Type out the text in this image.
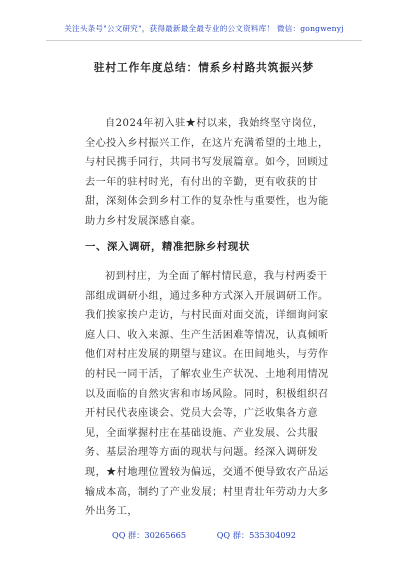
关注头条号"公文研究"，获得最新最全最专业的公文资料库！ 微信：gongwenyj
驻村工作年度总结：情系乡村路共筑振兴梦

自2024年初入驻★村以来，我始终坚守岗位，全心投入乡村振兴工作，在这片充满希望的土地上，与村民携手同行，共同书写发展篇章。如今，回顾过去一年的驻村时光，有付出的辛勤，更有收获的甘甜，深刻体会到乡村工作的复杂性与重要性，也为能助力乡村发展深感自豪。

一、深入调研，精准把脉乡村现状

初到村庄，为全面了解村情民意，我与村两委干部组成调研小组，通过多种方式深入开展调研工作。我们挨家挨户走访，与村民面对面交流，详细询问家庭人口、收入来源、生产生活困难等情况，认真倾听他们对村庄发展的期望与建议。在田间地头，与劳作的村民一同干活，了解农业生产状况、土地利用情况以及面临的自然灾害和市场风险。同时，积极组织召开村民代表座谈会、党员大会等，广泛收集各方意见，全面掌握村庄在基础设施、产业发展、公共服务、基层治理等方面的现状与问题。经深入调研发现，★村地理位置较为偏远，交通不便导致农产品运输成本高，制约了产业发展；村里青壮年劳动力大多外出务工，

QQ 群：30265665	QQ 群：535304092
